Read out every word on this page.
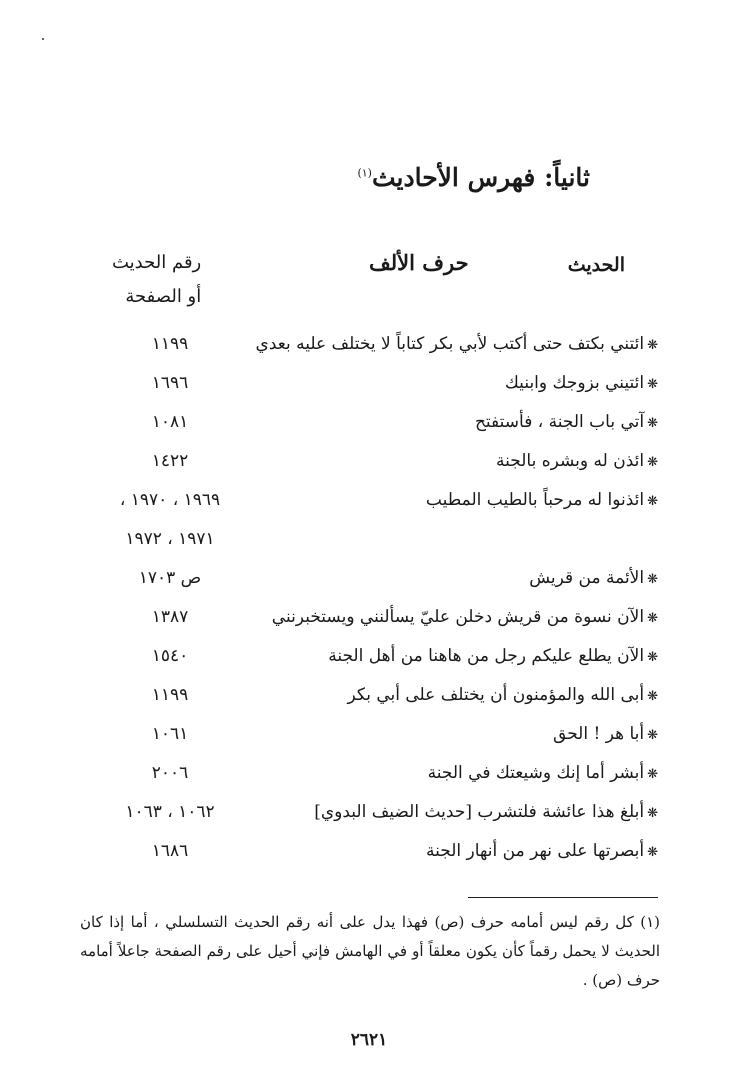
ثانياً: فهرس الأحاديث$^{(١)}$
الحديث
حرف الألف
رقم الحديث
أو الصفحة
❋ائتني بكتف حتى أكتب لأبي بكر كتاباً لا يختلف عليه بعدي
١١٩٩
❋ائتيني بزوجك وابنيك
١٦٩٦
❋آتي باب الجنة ، فأستفتح
١٠٨١
❋ائذن له وبشره بالجنة
١٤٢٢
❋ائذنوا له مرحباً بالطيب المطيب
١٩٦٩ ، ١٩٧٠ ،
١٩٧١ ، ١٩٧٢
❋الأئمة من قريش
ص ١٧٠٣
❋الآن نسوة من قريش دخلن عليّ يسألنني ويستخبرنني
١٣٨٧
❋الآن يطلع عليكم رجل من هاهنا من أهل الجنة
١٥٤٠
❋أبى الله والمؤمنون أن يختلف على أبي بكر
١١٩٩
❋أبا هر ! الحق
١٠٦١
❋أبشر أما إنك وشيعتك في الجنة
٢٠٠٦
❋أبلغ هذا عائشة فلتشرب [حديث الضيف البدوي]
١٠٦٢ ، ١٠٦٣
❋أبصرتها على نهر من أنهار الجنة
١٦٨٦
(١) كل رقم ليس أمامه حرف (ص) فهذا يدل على أنه رقم الحديث التسلسلي ، أما إذا كان الحديث لا يحمل رقماً كأن يكون معلقاً أو في الهامش فإني أحيل على رقم الصفحة جاعلاً أمامه حرف (ص) .
٢٦٢١
